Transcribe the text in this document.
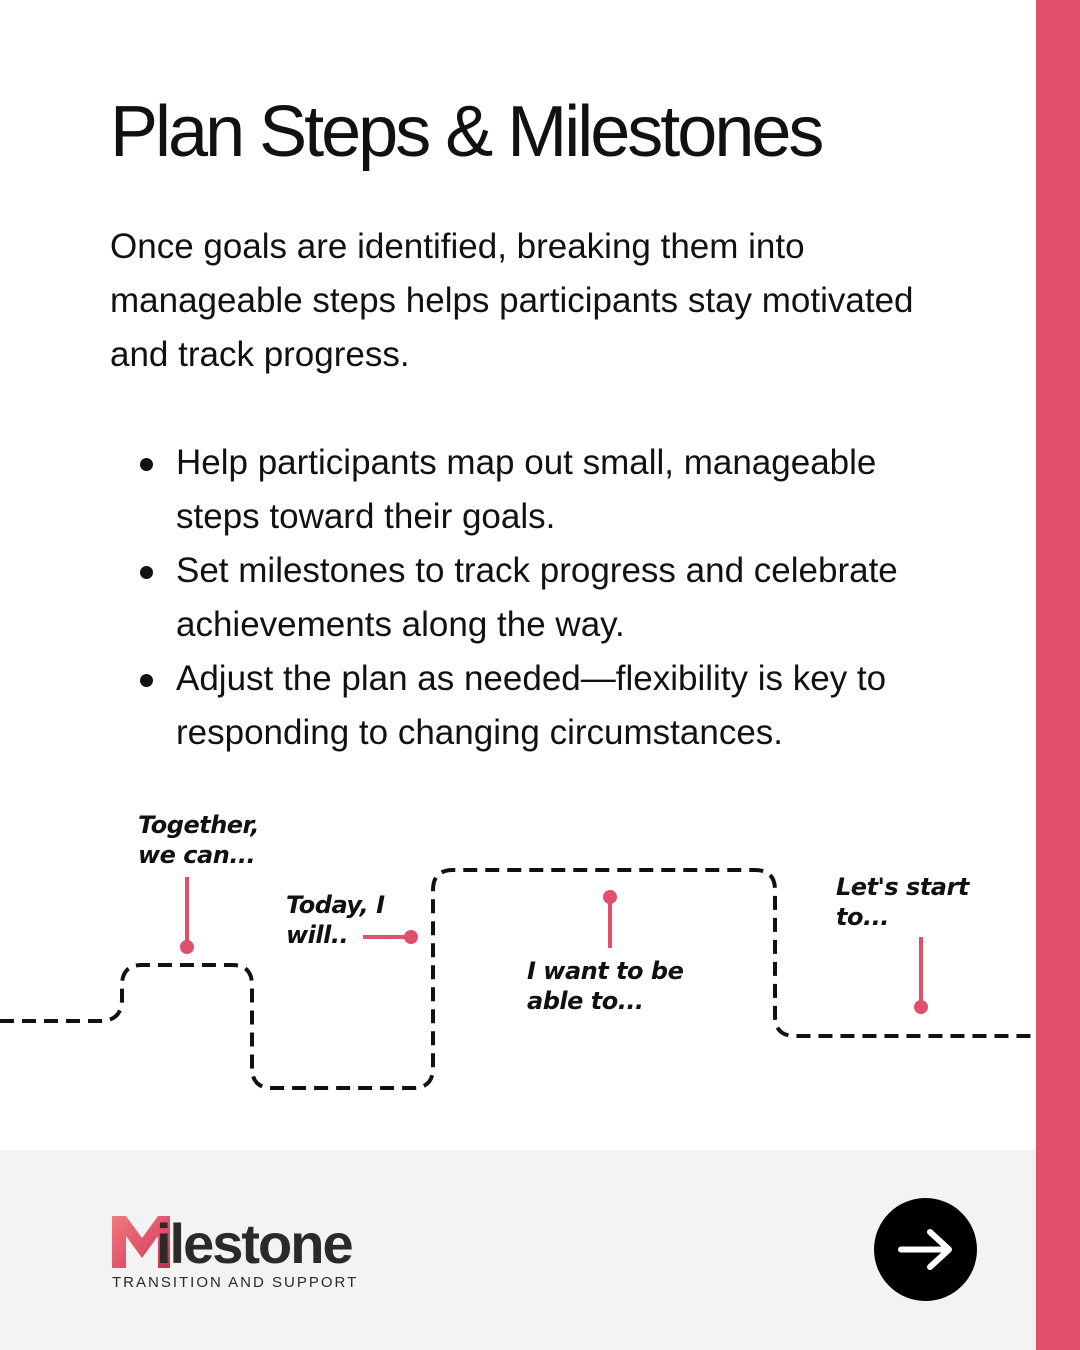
Plan Steps & Milestones

Once goals are identified, breaking them into manageable steps helps participants stay motivated and track progress.

Help participants map out small, manageable steps toward their goals.
Set milestones to track progress and celebrate achievements along the way.
Adjust the plan as needed—flexibility is key to responding to changing circumstances.

Together,
we can...

Today, I
will..

I want to be
able to...

Let's start
to...

ilestone

TRANSITION AND SUPPORT
